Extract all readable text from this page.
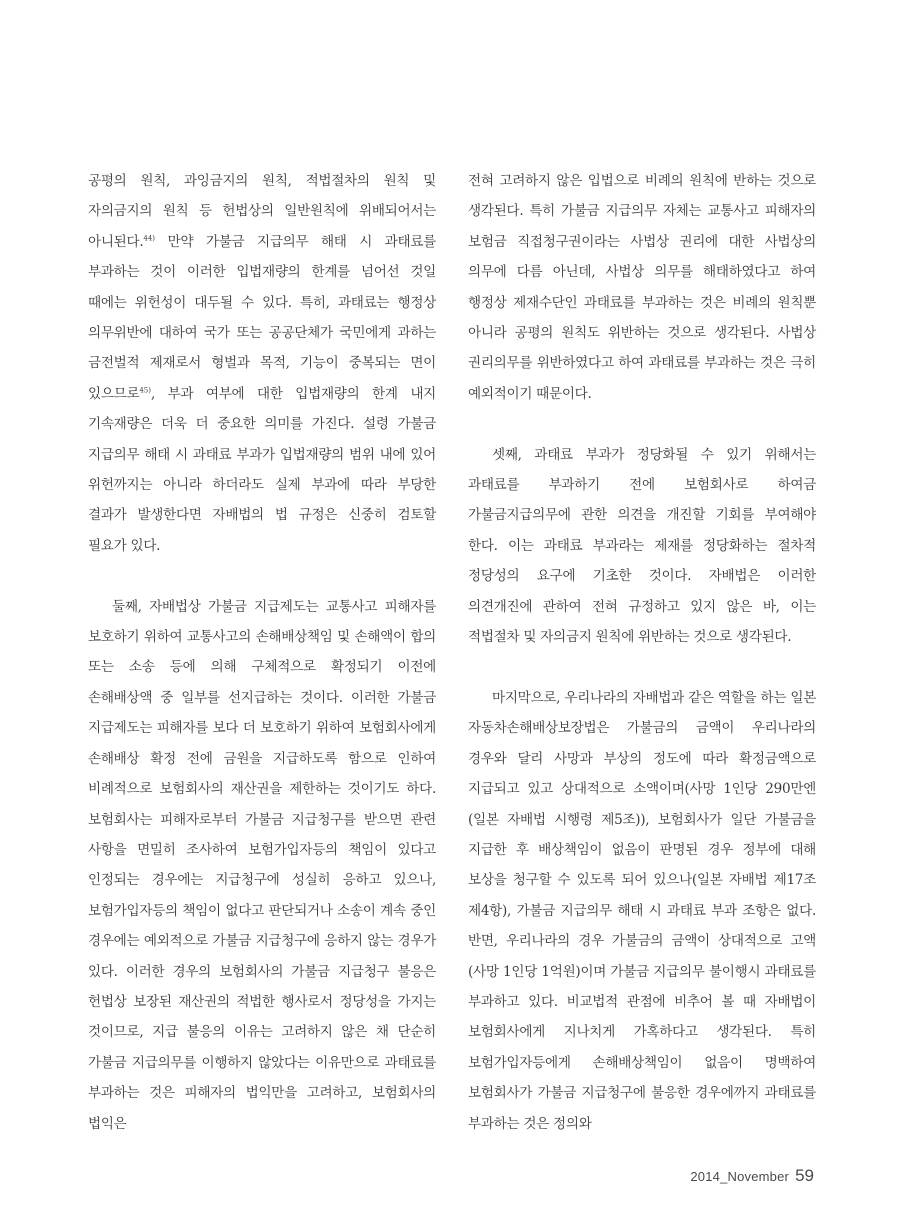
공평의 원칙, 과잉금지의 원칙, 적법절차의 원칙 및 자의금지의 원칙 등 헌법상의 일반원칙에 위배되어서는 아니된다.$^{44)}$ 만약 가불금 지급의무 해태 시 과태료를 부과하는 것이 이러한 입법재량의 한계를 넘어선 것일 때에는 위헌성이 대두될 수 있다. 특히, 과태료는 행정상 의무위반에 대하여 국가 또는 공공단체가 국민에게 과하는 금전벌적 제재로서 형벌과 목적, 기능이 중복되는 면이 있으므로$^{45)}$, 부과 여부에 대한 입법재량의 한계 내지 기속재량은 더욱 더 중요한 의미를 가진다. 설령 가불금 지급의무 해태 시 과태료 부과가 입법재량의 범위 내에 있어 위헌까지는 아니라 하더라도 실제 부과에 따라 부당한 결과가 발생한다면 자배법의 법 규정은 신중히 검토할 필요가 있다.

둘째, 자배법상 가불금 지급제도는 교통사고 피해자를 보호하기 위하여 교통사고의 손해배상책임 및 손해액이 합의 또는 소송 등에 의해 구체적으로 확정되기 이전에 손해배상액 중 일부를 선지급하는 것이다. 이러한 가불금 지급제도는 피해자를 보다 더 보호하기 위하여 보험회사에게 손해배상 확정 전에 금원을 지급하도록 함으로 인하여 비례적으로 보험회사의 재산권을 제한하는 것이기도 하다. 보험회사는 피해자로부터 가불금 지급청구를 받으면 관련 사항을 면밀히 조사하여 보험가입자등의 책임이 있다고 인정되는 경우에는 지급청구에 성실히 응하고 있으나, 보험가입자등의 책임이 없다고 판단되거나 소송이 계속 중인 경우에는 예외적으로 가불금 지급청구에 응하지 않는 경우가 있다. 이러한 경우의 보험회사의 가불금 지급청구 불응은 헌법상 보장된 재산권의 적법한 행사로서 정당성을 가지는 것이므로, 지급 불응의 이유는 고려하지 않은 채 단순히 가불금 지급의무를 이행하지 않았다는 이유만으로 과태료를 부과하는 것은 피해자의 법익만을 고려하고, 보험회사의 법익은

전혀 고려하지 않은 입법으로 비례의 원칙에 반하는 것으로 생각된다. 특히 가불금 지급의무 자체는 교통사고 피해자의 보험금 직접청구권이라는 사법상 권리에 대한 사법상의 의무에 다름 아닌데, 사법상 의무를 해태하였다고 하여 행정상 제재수단인 과태료를 부과하는 것은 비례의 원칙뿐 아니라 공평의 원칙도 위반하는 것으로 생각된다. 사법상 권리의무를 위반하였다고 하여 과태료를 부과하는 것은 극히 예외적이기 때문이다.

셋째, 과태료 부과가 정당화될 수 있기 위해서는 과태료를 부과하기 전에 보험회사로 하여금 가불금지급의무에 관한 의견을 개진할 기회를 부여해야 한다. 이는 과태료 부과라는 제재를 정당화하는 절차적 정당성의 요구에 기초한 것이다. 자배법은 이러한 의견개진에 관하여 전혀 규정하고 있지 않은 바, 이는 적법절차 및 자의금지 원칙에 위반하는 것으로 생각된다.

마지막으로, 우리나라의 자배법과 같은 역할을 하는 일본 자동차손해배상보장법은 가불금의 금액이 우리나라의 경우와 달리 사망과 부상의 정도에 따라 확정금액으로 지급되고 있고 상대적으로 소액이며(사망 1인당 290만엔(일본 자배법 시행령 제5조)), 보험회사가 일단 가불금을 지급한 후 배상책임이 없음이 판명된 경우 정부에 대해 보상을 청구할 수 있도록 되어 있으나(일본 자배법 제17조 제4항), 가불금 지급의무 해태 시 과태료 부과 조항은 없다. 반면, 우리나라의 경우 가불금의 금액이 상대적으로 고액(사망 1인당 1억원)이며 가불금 지급의무 불이행시 과태료를 부과하고 있다. 비교법적 관점에 비추어 볼 때 자배법이 보험회사에게 지나치게 가혹하다고 생각된다. 특히 보험가입자등에게 손해배상책임이 없음이 명백하여 보험회사가 가불금 지급청구에 불응한 경우에까지 과태료를 부과하는 것은 정의와

2014_November 59
